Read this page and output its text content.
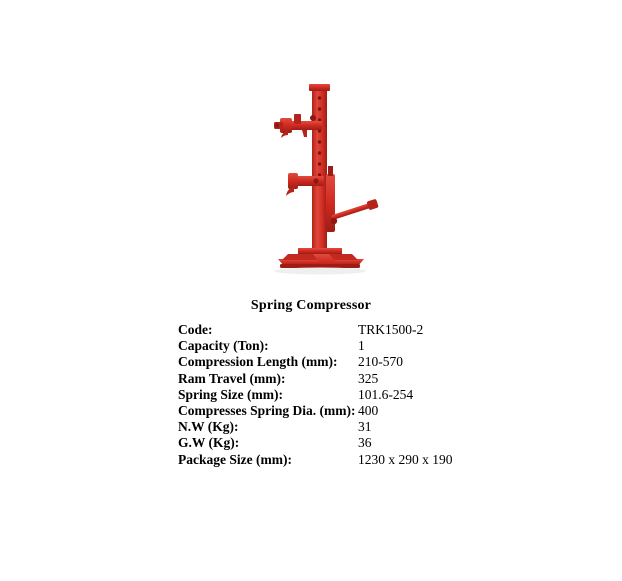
Spring Compressor
Code:	TRK1500-2
Capacity (Ton):	1
Compression Length (mm):	210-570
Ram Travel (mm):	325
Spring Size (mm):	101.6-254
Compresses Spring Dia. (mm):	400
N.W (Kg):	31
G.W (Kg):	36
Package Size (mm):	1230 x 290 x 190
